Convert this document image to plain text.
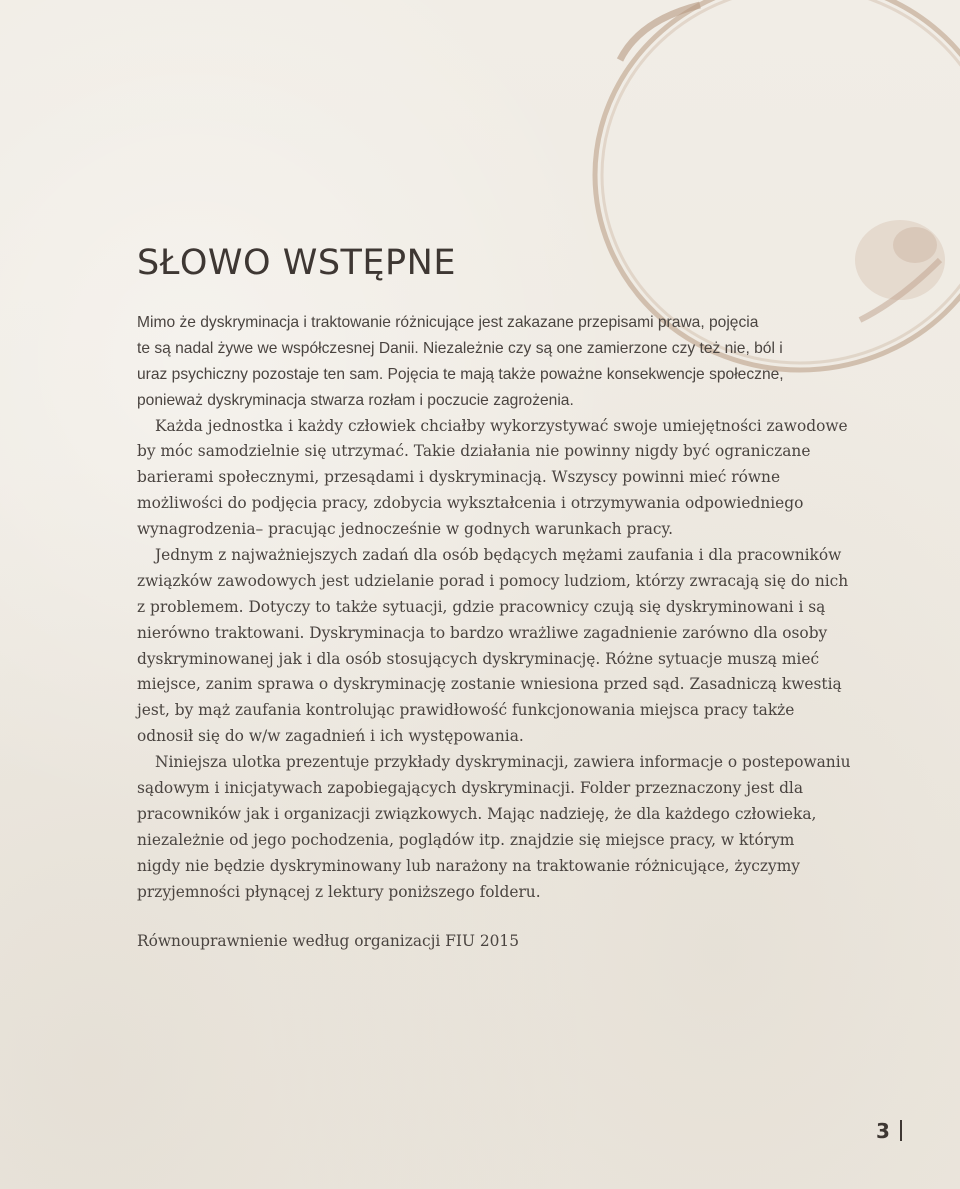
SŁOWO WSTĘPNE

Mimo że dyskryminacja i traktowanie różnicujące jest zakazane przepisami prawa, pojęcia
te są nadal żywe we współczesnej Danii. Niezależnie czy są one zamierzone czy też nie, ból i
uraz psychiczny pozostaje ten sam. Pojęcia te mają także poważne konsekwencje społeczne,
ponieważ dyskryminacja stwarza rozłam i poczucie zagrożenia.

Każda jednostka i każdy człowiek chciałby wykorzystywać swoje umiejętności zawodowe
by móc samodzielnie się utrzymać. Takie działania nie powinny nigdy być ograniczane
barierami społecznymi, przesądami i dyskryminacją. Wszyscy powinni mieć równe
możliwości do podjęcia pracy, zdobycia wykształcenia i otrzymywania odpowiedniego
wynagrodzenia– pracując jednocześnie w godnych warunkach pracy.

Jednym z najważniejszych zadań dla osób będących mężami zaufania i dla pracowników
związków zawodowych jest udzielanie porad i pomocy ludziom, którzy zwracają się do nich
z problemem. Dotyczy to także sytuacji, gdzie pracownicy czują się dyskryminowani i są
nierówno traktowani. Dyskryminacja to bardzo wrażliwe zagadnienie zarówno dla osoby
dyskryminowanej jak i dla osób stosujących dyskryminację. Różne sytuacje muszą mieć
miejsce, zanim sprawa o dyskryminację zostanie wniesiona przed sąd. Zasadniczą kwestią
jest, by mąż zaufania kontrolując prawidłowość funkcjonowania miejsca pracy także
odnosił się do w/w zagadnień i ich występowania.

Niniejsza ulotka prezentuje przykłady dyskryminacji, zawiera informacje o postepowaniu
sądowym i inicjatywach zapobiegających dyskryminacji. Folder przeznaczony jest dla
pracowników jak i organizacji związkowych. Mając nadzieję, że dla każdego człowieka,
niezależnie od jego pochodzenia, poglądów itp. znajdzie się miejsce pracy, w którym
nigdy nie będzie dyskryminowany lub narażony na traktowanie różnicujące, życzymy
przyjemności płynącej z lektury poniższego folderu.

Równouprawnienie według organizacji FIU 2015
3
